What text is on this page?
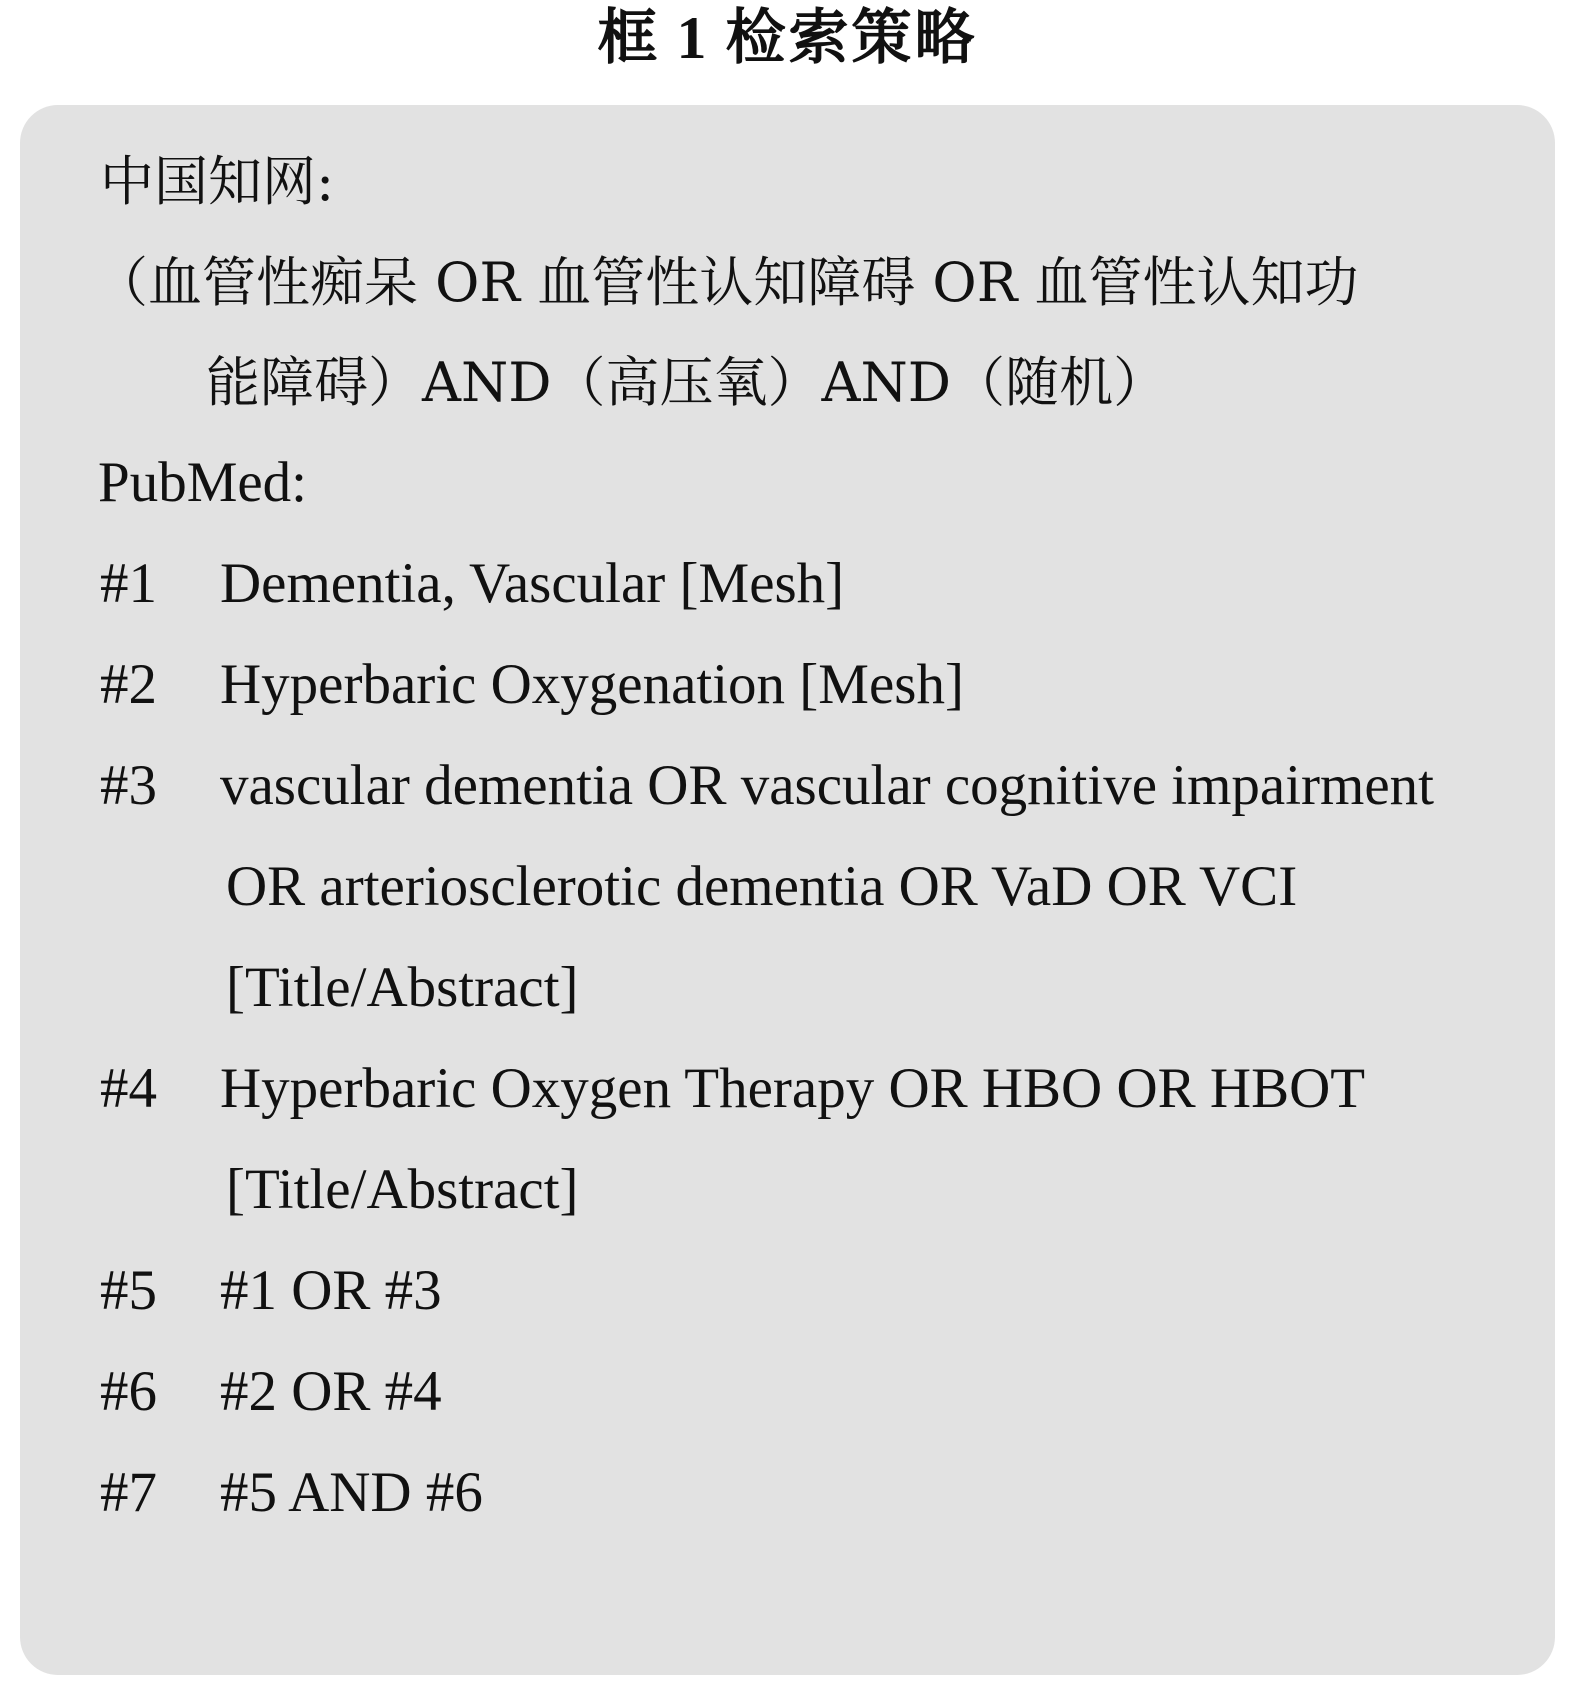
框 1 检索策略
中国知网:
（血管性痴呆 OR 血管性认知障碍 OR 血管性认知功
能障碍）AND（高压氧）AND（随机）
PubMed:
#1 Dementia, Vascular [Mesh]
#2 Hyperbaric Oxygenation [Mesh]
#3 vascular dementia OR vascular cognitive impairment
OR arteriosclerotic dementia OR VaD OR VCI
[Title/Abstract]
#4 Hyperbaric Oxygen Therapy OR HBO OR HBOT
[Title/Abstract]
#5 #1 OR #3
#6 #2 OR #4
#7 #5 AND #6
